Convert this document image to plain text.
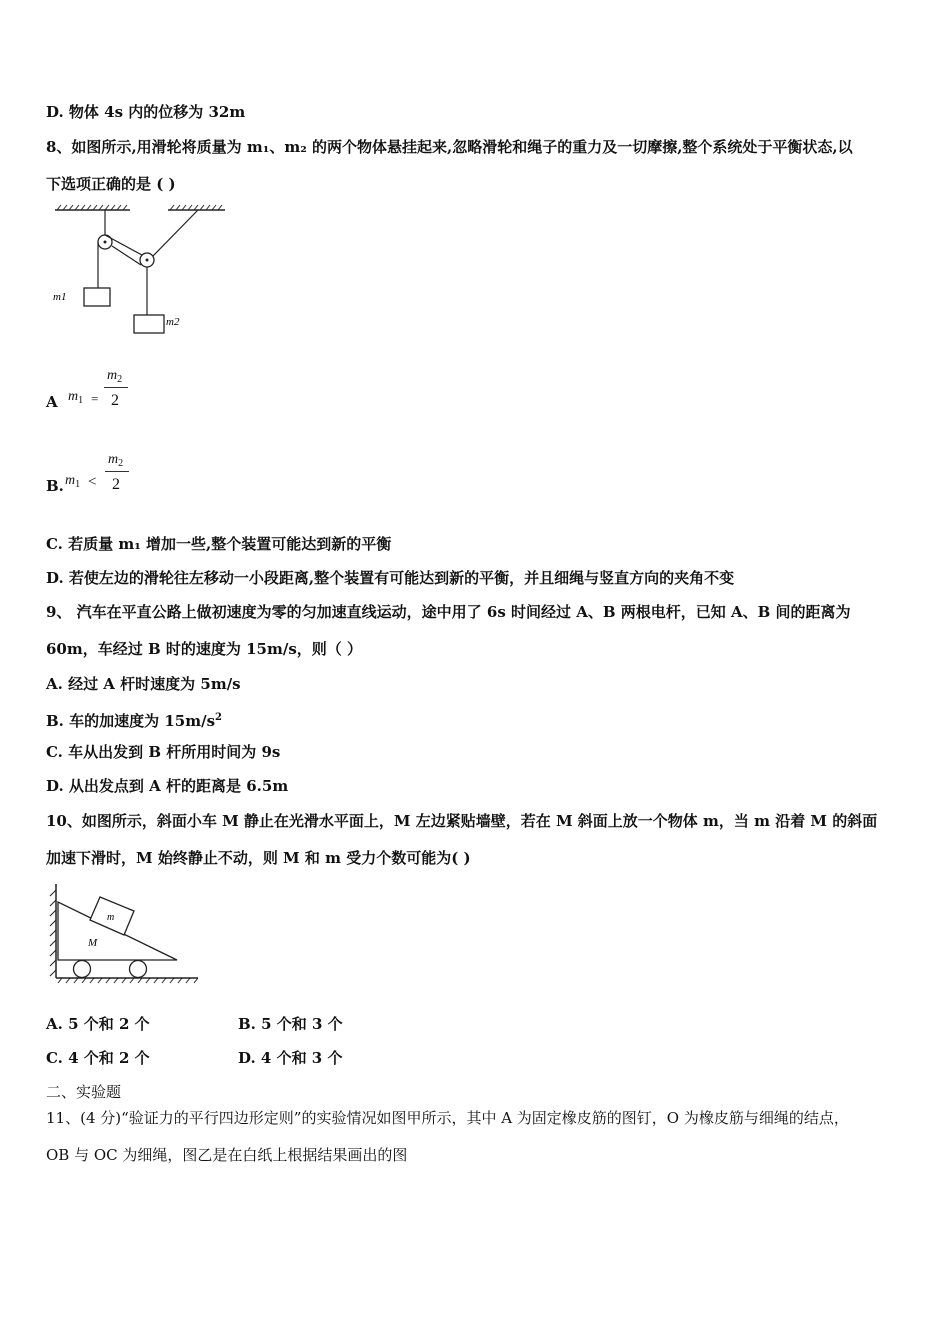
D. 物体 4s 内的位移为 32m
8、如图所示,用滑轮将质量为 m₁、m₂ 的两个物体悬挂起来,忽略滑轮和绳子的重力及一切摩擦,整个系统处于平衡状态,以
下选项正确的是 ( )
m1
m2
A $m_1$ =
$m_2$
2
B. $m_1$ <
$m_2$
2
C. 若质量 m₁ 增加一些,整个装置可能达到新的平衡
D. 若使左边的滑轮往左移动一小段距离,整个装置有可能达到新的平衡，并且细绳与竖直方向的夹角不变
9、 汽车在平直公路上做初速度为零的匀加速直线运动，途中用了 6s 时间经过 A、B 两根电杆，已知 A、B 间的距离为
60m，车经过 B 时的速度为 15m/s，则（ ）
A. 经过 A 杆时速度为 5m/s
B. 车的加速度为 $15m/s^2$
C. 车从出发到 B 杆所用时间为 9s
D. 从出发点到 A 杆的距离是 6.5m
10、如图所示，斜面小车 M 静止在光滑水平面上，M 左边紧贴墙壁，若在 M 斜面上放一个物体 m，当 m 沿着 M 的斜面
加速下滑时，M 始终静止不动，则 M 和 m 受力个数可能为( )
m
M
A. 5 个和 2 个	B. 5 个和 3 个
C. 4 个和 2 个	D. 4 个和 3 个
二、实验题
11、(4 分)“验证力的平行四边形定则”的实验情况如图甲所示，其中 A 为固定橡皮筋的图钉，O 为橡皮筋与细绳的结点，
OB 与 OC 为细绳，图乙是在白纸上根据结果画出的图
